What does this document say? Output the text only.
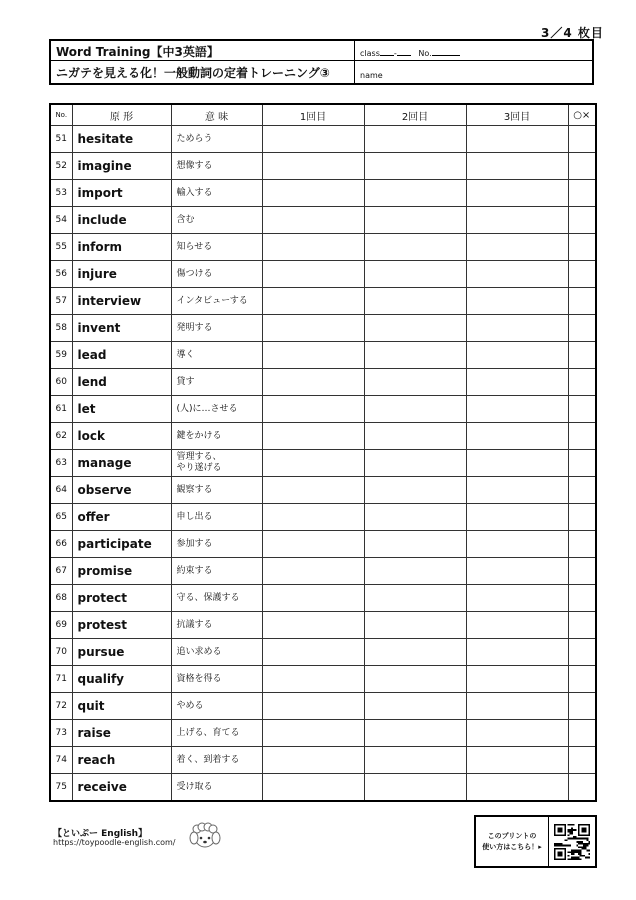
3／4 枚目
Word Training【中3英語】
ニガテを見える化！一般動詞の定着トレーニング③
class -	No.
name
No.	原 形	意 味	1回目	2回目	3回目	○×
51	hesitate	ためらう				
52	imagine	想像する				
53	import	輸入する				
54	include	含む				
55	inform	知らせる				
56	injure	傷つける				
57	interview	インタビューする				
58	invent	発明する				
59	lead	導く				
60	lend	貸す				
61	let	(人)に…させる				
62	lock	鍵をかける				
63	manage	管理する、
やり遂げる				
64	observe	観察する				
65	offer	申し出る				
66	participate	参加する				
67	promise	約束する				
68	protect	守る、保護する				
69	protest	抗議する				
70	pursue	追い求める				
71	qualify	資格を得る				
72	quit	やめる				
73	raise	上げる、育てる				
74	reach	着く、到着する				
75	receive	受け取る				
【といぷー English】
https://toypoodle-english.com/
このプリントの
使い方はこちら！▸
